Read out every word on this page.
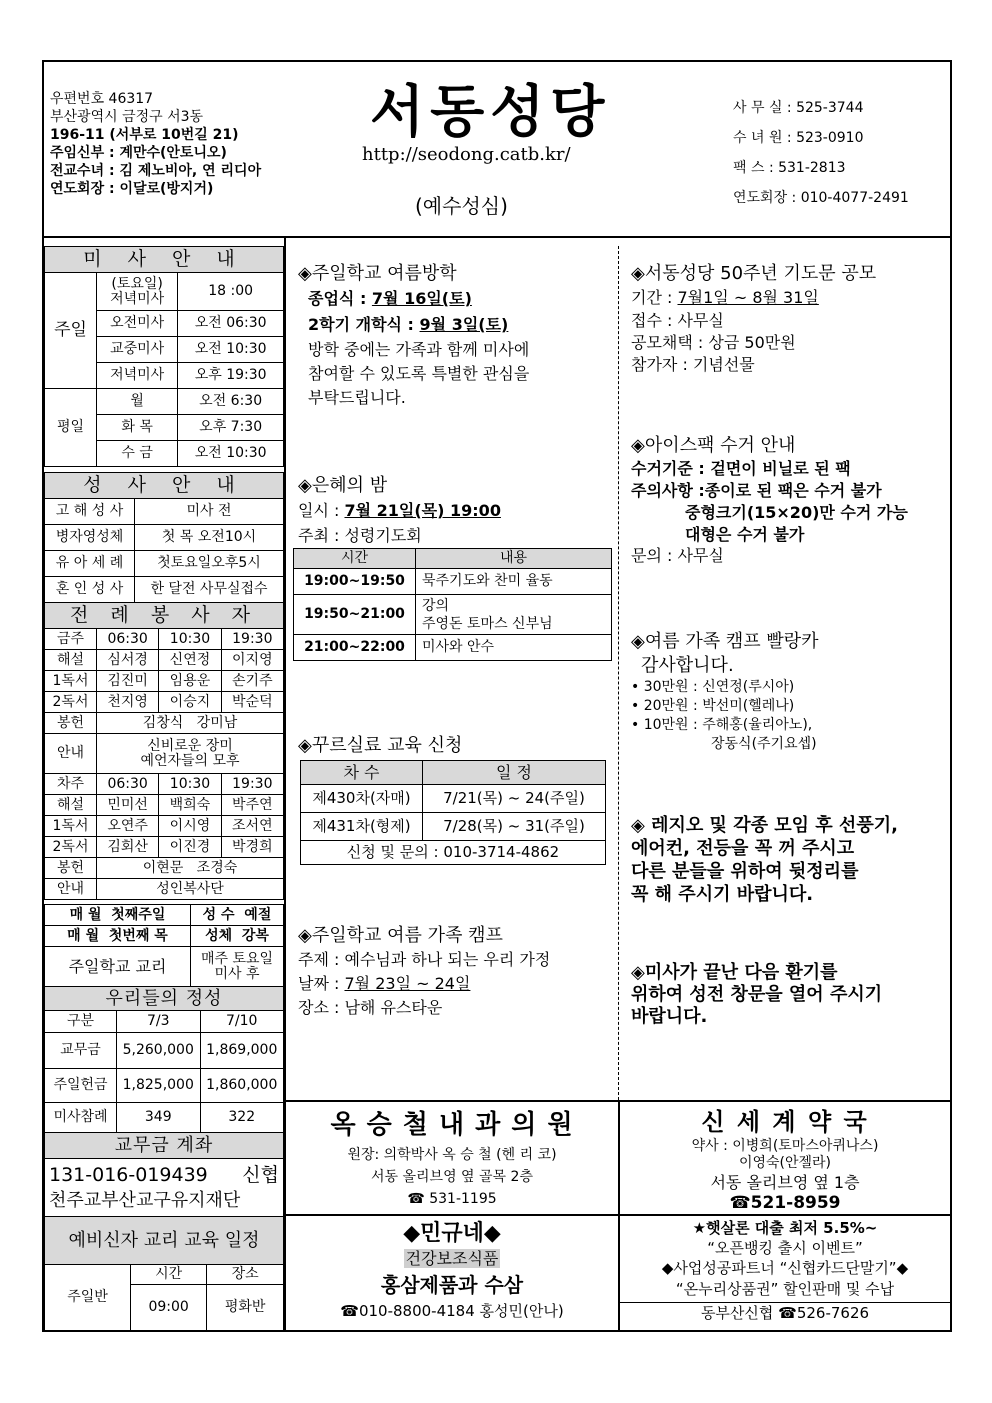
우편번호 46317
부산광역시 금정구 서3동
196-11 (서부로 10번길 21)
주임신부 : 계만수(안토니오)
전교수녀 : 김 제노비아, 연 리디아
연도회장 : 이달로(방지거)
서동성당
http://seodong.catb.kr/
(예수성심)
사 무 실 : 525-3744
수 녀 원 : 523-0910
팩 스 : 531-2813
연도회장 : 010-4077-2491
미 사 안 내		
주일	(토요일)
저녁미사	18 :00
	오전미사	오전 06:30
	교중미사	오전 10:30
	저녁미사	오후 19:30
평일	월	오전 6:30
	화 목	오후 7:30
	수 금	오전 10:30
성 사 안 내	
고 해 성 사	미사 전
병자영성체	첫 목 오전10시
유 아 세 례	첫토요일오후5시
혼 인 성 사	한 달전 사무실접수
전 례 봉 사 자			
금주	06:30	10:30	19:30
해설	심서경	신연정	이지영
1독서	김진미	임용운	손기주
2독서	천지영	이승지	박순덕
봉헌	김창식   강미남		
안내	신비로운 장미
예언자들의 모후		
차주	06:30	10:30	19:30
해설	민미선	백희숙	박주연
1독서	오연주	이시영	조서연
2독서	김회산	이진경	박경희
봉헌	이현문   조경숙		
안내	성인복사단		
매 월  첫째주일	성 수  예절
매 월  첫번째 목	성체  강복
주일학교 교리	매주 토요일
미사 후
우리들의 정성		
구분	7/3	7/10
교무금	5,260,000	1,869,000
주일헌금	1,825,000	1,860,000
미사참례	349	322
교무금 계좌

131-016-019439 신협
천주교부산교구유지재단
예비신자 교리 교육 일정		
주일반	시간	장소
	09:00	평화반
◈주일학교 여름방학
종업식 : 7월 16일(토)
2학기 개학식 : 9월 3일(토)
방학 중에는 가족과 함께 미사에
참여할 수 있도록 특별한 관심을
부탁드립니다.
◈은혜의 밤
일시 : 7월 21일(목) 19:00
주최 : 성령기도회
시간	내용
19:00~19:50	묵주기도와 찬미 율동
19:50~21:00	강의
주영돈 토마스 신부님
21:00~22:00	미사와 안수
◈꾸르실료 교육 신청
차 수	일 정
제430차(자매)	7/21(목) ~ 24(주일)
제431차(형제)	7/28(목) ~ 31(주일)
신청 및 문의 : 010-3714-4862	
◈주일학교 여름 가족 캠프
주제 : 예수님과 하나 되는 우리 가정
날짜 : 7월 23일 ~ 24일
장소 : 남해 유스타운
◈서동성당 50주년 기도문 공모
기간 : 7월1일 ~ 8월 31일
접수 : 사무실
공모채택 : 상금 50만원
참가자 : 기념선물
◈아이스팩 수거 안내
수거기준 : 겉면이 비닐로 된 팩
주의사항 :종이로 된 팩은 수거 불가
중형크기(15×20)만 수거 가능
대형은 수거 불가
문의 : 사무실
◈여름 가족 캠프 빨랑카
감사합니다.
• 30만원 : 신연정(루시아)
• 20만원 : 박선미(헬레나)
• 10만원 : 주해홍(율리아노),
장동식(주기요셉)
◈ 레지오 및 각종 모임 후 선풍기,
에어컨, 전등을 꼭 꺼 주시고
다른 분들을 위하여 뒷정리를
꼭 해 주시기 바랍니다.
◈미사가 끝난 다음 환기를
위하여 성전 창문을 열어 주시기
바랍니다.
옥 승 철 내 과 의 원
원장: 의학박사 옥 승 철 (헨 리 코)
서동 올리브영 옆 골목 2층
☎ 531-1195
신 세 계 약 국
약사 : 이병희(토마스아퀴나스)
이영숙(안젤라)
서동 올리브영 옆 1층
☎521-8959
◆민규네◆
건강보조식품
홍삼제품과 수삼
☎010-8800-4184 홍성민(안나)
★햇살론 대출 최저 5.5%~
“오픈뱅킹 출시 이벤트”
◆사업성공파트너 “신협카드단말기”◆
“온누리상품권” 할인판매 및 수납
동부산신협 ☎526-7626
